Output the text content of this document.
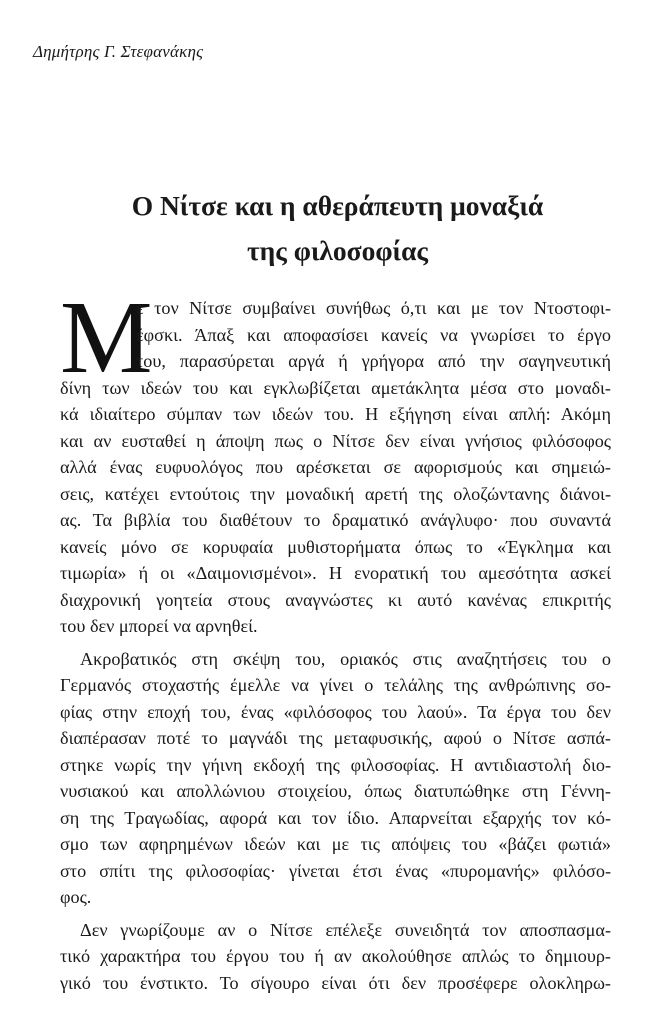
Δημήτρης Γ. Στεφανάκης
Ο Νίτσε και η αθεράπευτη μοναξιά
της φιλοσοφίας
Μ
ε τον Νίτσε συμβαίνει συνήθως ό,τι και με τον Ντοστοφι-
έφσκι. Άπαξ και αποφασίσει κανείς να γνωρίσει το έργο
του, παρασύρεται αργά ή γρήγορα από την σαγηνευτική
δίνη των ιδεών του και εγκλωβίζεται αμετάκλητα μέσα στο μοναδι-
κά ιδιαίτερο σύμπαν των ιδεών του. Η εξήγηση είναι απλή: Ακόμη
και αν ευσταθεί η άποψη πως ο Νίτσε δεν είναι γνήσιος φιλόσοφος
αλλά ένας ευφυολόγος που αρέσκεται σε αφορισμούς και σημειώ-
σεις, κατέχει εντούτοις την μοναδική αρετή της ολοζώντανης διάνοι-
ας. Τα βιβλία του διαθέτουν το δραματικό ανάγλυφο· που συναντά
κανείς μόνο σε κορυφαία μυθιστορήματα όπως το «Έγκλημα και
τιμωρία» ή οι «Δαιμονισμένοι». Η ενορατική του αμεσότητα ασκεί
διαχρονική γοητεία στους αναγνώστες κι αυτό κανένας επικριτής
του δεν μπορεί να αρνηθεί.
Ακροβατικός στη σκέψη του, οριακός στις αναζητήσεις του ο
Γερμανός στοχαστής έμελλε να γίνει ο τελάλης της ανθρώπινης σο-
φίας στην εποχή του, ένας «φιλόσοφος του λαού». Τα έργα του δεν
διαπέρασαν ποτέ το μαγνάδι της μεταφυσικής, αφού ο Νίτσε ασπά-
στηκε νωρίς την γήινη εκδοχή της φιλοσοφίας. Η αντιδιαστολή διο-
νυσιακού και απολλώνιου στοιχείου, όπως διατυπώθηκε στη Γέννη-
ση της Τραγωδίας, αφορά και τον ίδιο. Απαρνείται εξαρχής τον κό-
σμο των αφηρημένων ιδεών και με τις απόψεις του «βάζει φωτιά»
στο σπίτι της φιλοσοφίας· γίνεται έτσι ένας «πυρομανής» φιλόσο-
φος.
Δεν γνωρίζουμε αν ο Νίτσε επέλεξε συνειδητά τον αποσπασμα-
τικό χαρακτήρα του έργου του ή αν ακολούθησε απλώς το δημιουρ-
γικό του ένστικτο. Το σίγουρο είναι ότι δεν προσέφερε ολοκληρω-
